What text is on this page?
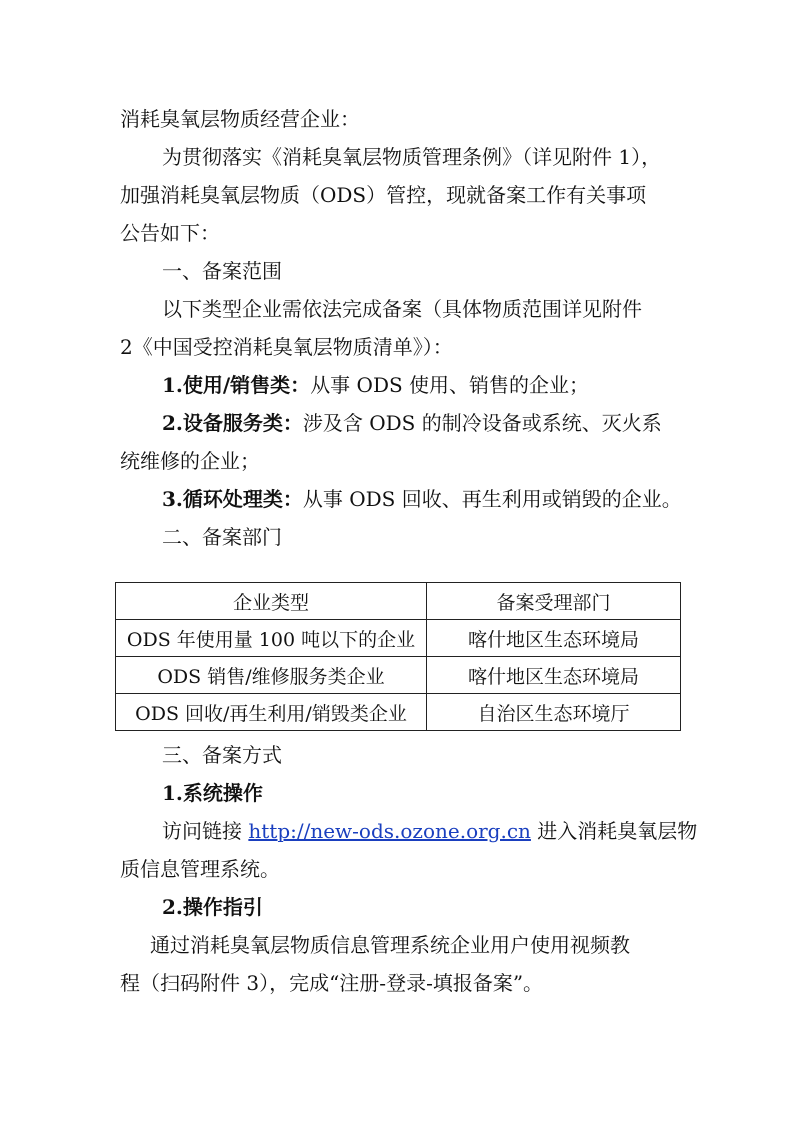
消耗臭氧层物质经营企业：
为贯彻落实《消耗臭氧层物质管理条例》（详见附件 1），
加强消耗臭氧层物质（ODS）管控，现就备案工作有关事项
公告如下：
一、备案范围
以下类型企业需依法完成备案（具体物质范围详见附件
2《中国受控消耗臭氧层物质清单》）：
1.使用/销售类：从事 ODS 使用、销售的企业；
2.设备服务类：涉及含 ODS 的制冷设备或系统、灭火系
统维修的企业；
3.循环处理类：从事 ODS 回收、再生利用或销毁的企业。
二、备案部门
企业类型	备案受理部门
ODS 年使用量 100 吨以下的企业	喀什地区生态环境局
ODS 销售/维修服务类企业	喀什地区生态环境局
ODS 回收/再生利用/销毁类企业	自治区生态环境厅
三、备案方式
1.系统操作
访问链接 http://new-ods.ozone.org.cn 进入消耗臭氧层物
质信息管理系统。
2.操作指引
通过消耗臭氧层物质信息管理系统企业用户使用视频教
程（扫码附件 3），完成“注册-登录-填报备案”。
